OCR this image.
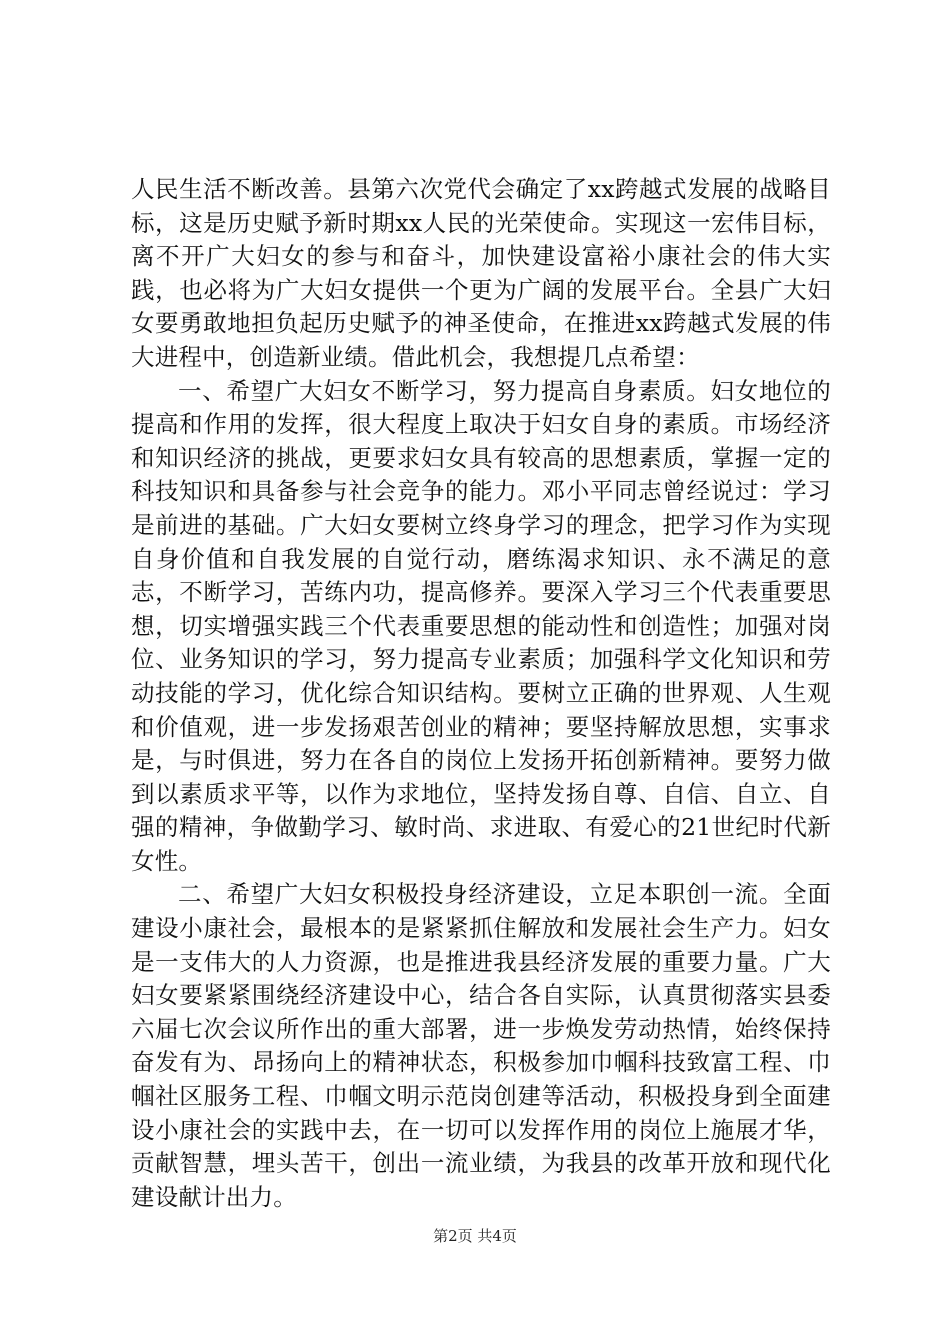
人民生活不断改善。县第六次党代会确定了xx跨越式发展的战略目标，这是历史赋予新时期xx人民的光荣使命。实现这一宏伟目标，离不开广大妇女的参与和奋斗，加快建设富裕小康社会的伟大实践，也必将为广大妇女提供一个更为广阔的发展平台。全县广大妇女要勇敢地担负起历史赋予的神圣使命，在推进xx跨越式发展的伟大进程中，创造新业绩。借此机会，我想提几点希望：

一、希望广大妇女不断学习，努力提高自身素质。妇女地位的提高和作用的发挥，很大程度上取决于妇女自身的素质。市场经济和知识经济的挑战，更要求妇女具有较高的思想素质，掌握一定的科技知识和具备参与社会竞争的能力。邓小平同志曾经说过：学习是前进的基础。广大妇女要树立终身学习的理念，把学习作为实现自身价值和自我发展的自觉行动，磨练渴求知识、永不满足的意志，不断学习，苦练内功，提高修养。要深入学习三个代表重要思想，切实增强实践三个代表重要思想的能动性和创造性；加强对岗位、业务知识的学习，努力提高专业素质；加强科学文化知识和劳动技能的学习，优化综合知识结构。要树立正确的世界观、人生观和价值观，进一步发扬艰苦创业的精神；要坚持解放思想，实事求是，与时俱进，努力在各自的岗位上发扬开拓创新精神。要努力做到以素质求平等，以作为求地位，坚持发扬自尊、自信、自立、自强的精神，争做勤学习、敏时尚、求进取、有爱心的21世纪时代新女性。

二、希望广大妇女积极投身经济建设，立足本职创一流。全面建设小康社会，最根本的是紧紧抓住解放和发展社会生产力。妇女是一支伟大的人力资源，也是推进我县经济发展的重要力量。广大妇女要紧紧围绕经济建设中心，结合各自实际，认真贯彻落实县委六届七次会议所作出的重大部署，进一步焕发劳动热情，始终保持奋发有为、昂扬向上的精神状态，积极参加巾帼科技致富工程、巾帼社区服务工程、巾帼文明示范岗创建等活动，积极投身到全面建设小康社会的实践中去，在一切可以发挥作用的岗位上施展才华，贡献智慧，埋头苦干，创出一流业绩，为我县的改革开放和现代化建设献计出力。

第2页 共4页
